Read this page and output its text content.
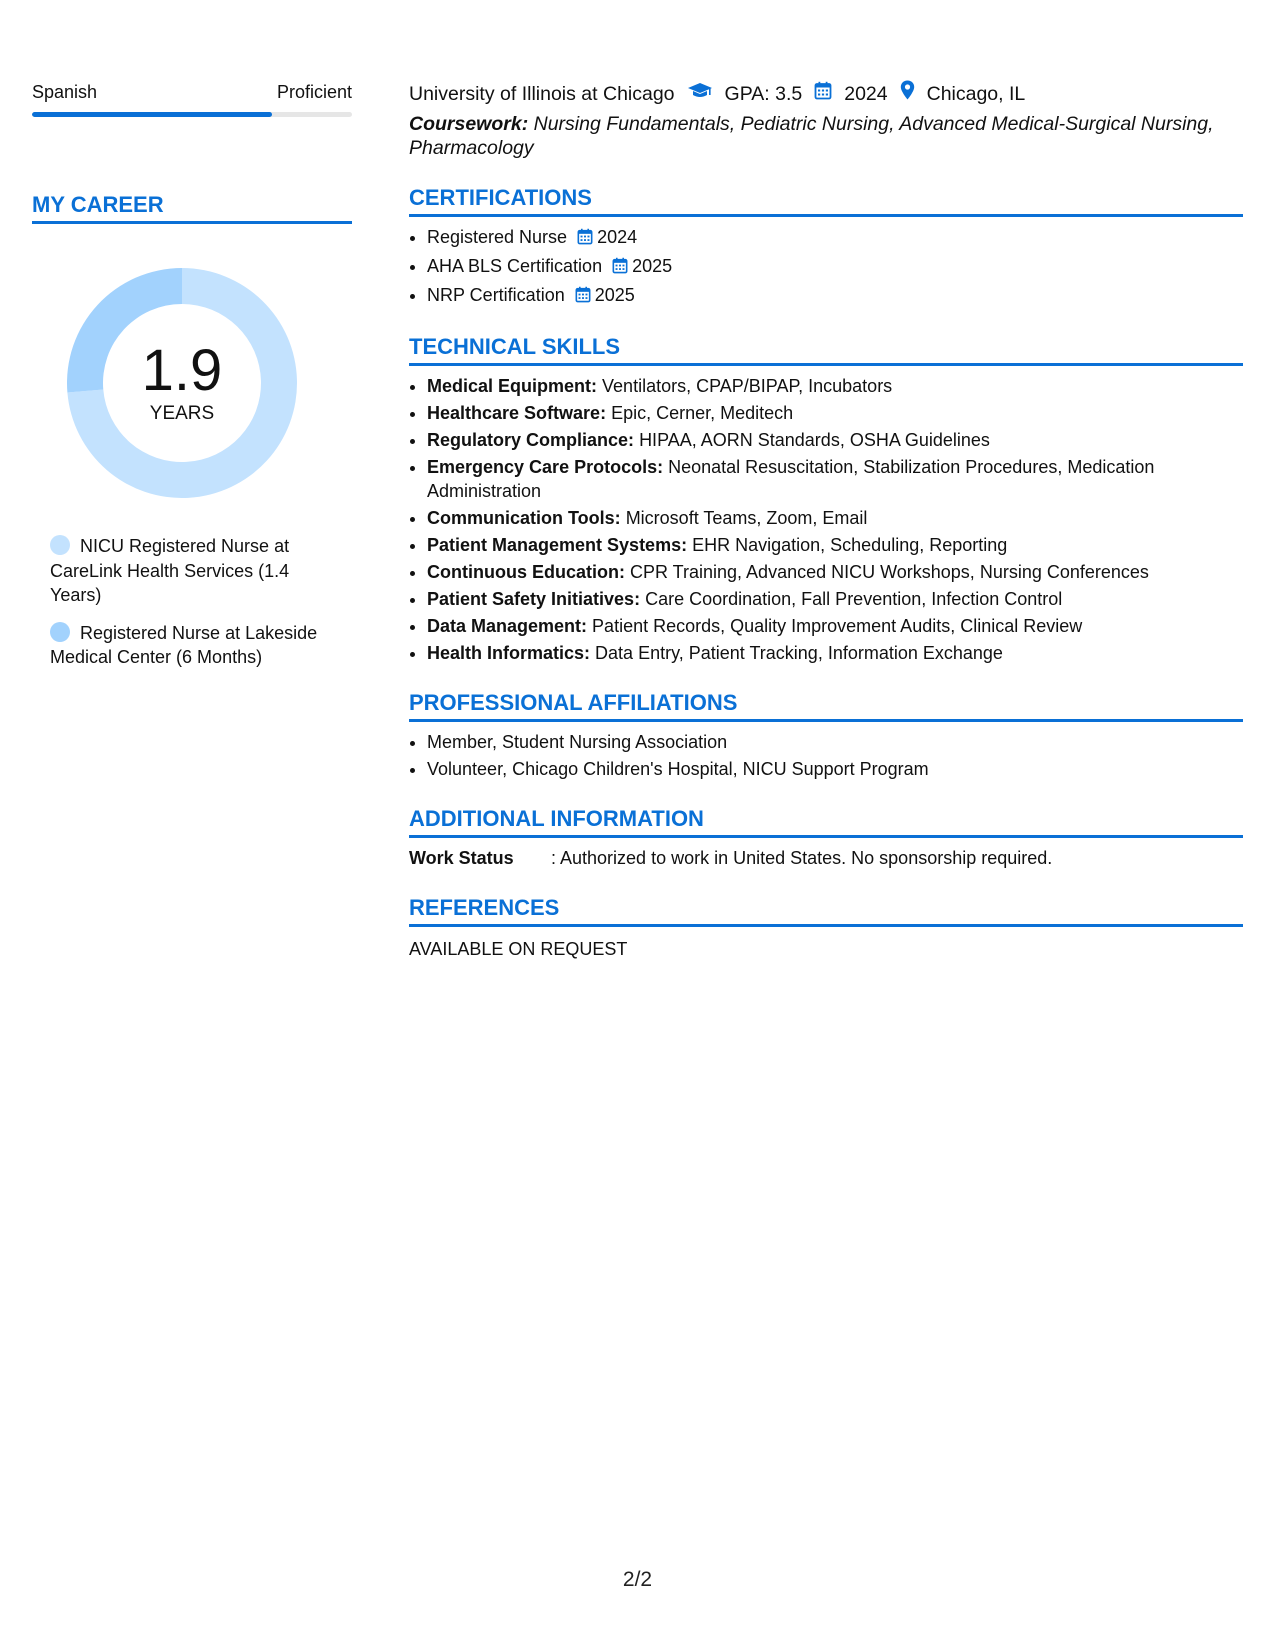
Spanish	Proficient
MY CAREER
1.9
YEARS
NICU Registered Nurse at CareLink Health Services (1.4 Years)
Registered Nurse at Lakeside Medical Center (6 Months)
University of Illinois at Chicago	GPA: 3.5 2024 Chicago, IL
Coursework: Nursing Fundamentals, Pediatric Nursing, Advanced Medical-Surgical Nursing, Pharmacology
CERTIFICATIONS
• Registered Nurse 2024
• AHA BLS Certification 2025
• NRP Certification 2025
TECHNICAL SKILLS
• Medical Equipment: Ventilators, CPAP/BIPAP, Incubators
• Healthcare Software: Epic, Cerner, Meditech
• Regulatory Compliance: HIPAA, AORN Standards, OSHA Guidelines
• Emergency Care Protocols: Neonatal Resuscitation, Stabilization Procedures, Medication Administration
• Communication Tools: Microsoft Teams, Zoom, Email
• Patient Management Systems: EHR Navigation, Scheduling, Reporting
• Continuous Education: CPR Training, Advanced NICU Workshops, Nursing Conferences
• Patient Safety Initiatives: Care Coordination, Fall Prevention, Infection Control
• Data Management: Patient Records, Quality Improvement Audits, Clinical Review
• Health Informatics: Data Entry, Patient Tracking, Information Exchange
PROFESSIONAL AFFILIATIONS
• Member, Student Nursing Association
• Volunteer, Chicago Children's Hospital, NICU Support Program
ADDITIONAL INFORMATION
Work Status	: Authorized to work in United States. No sponsorship required.
REFERENCES
AVAILABLE ON REQUEST
2/2
